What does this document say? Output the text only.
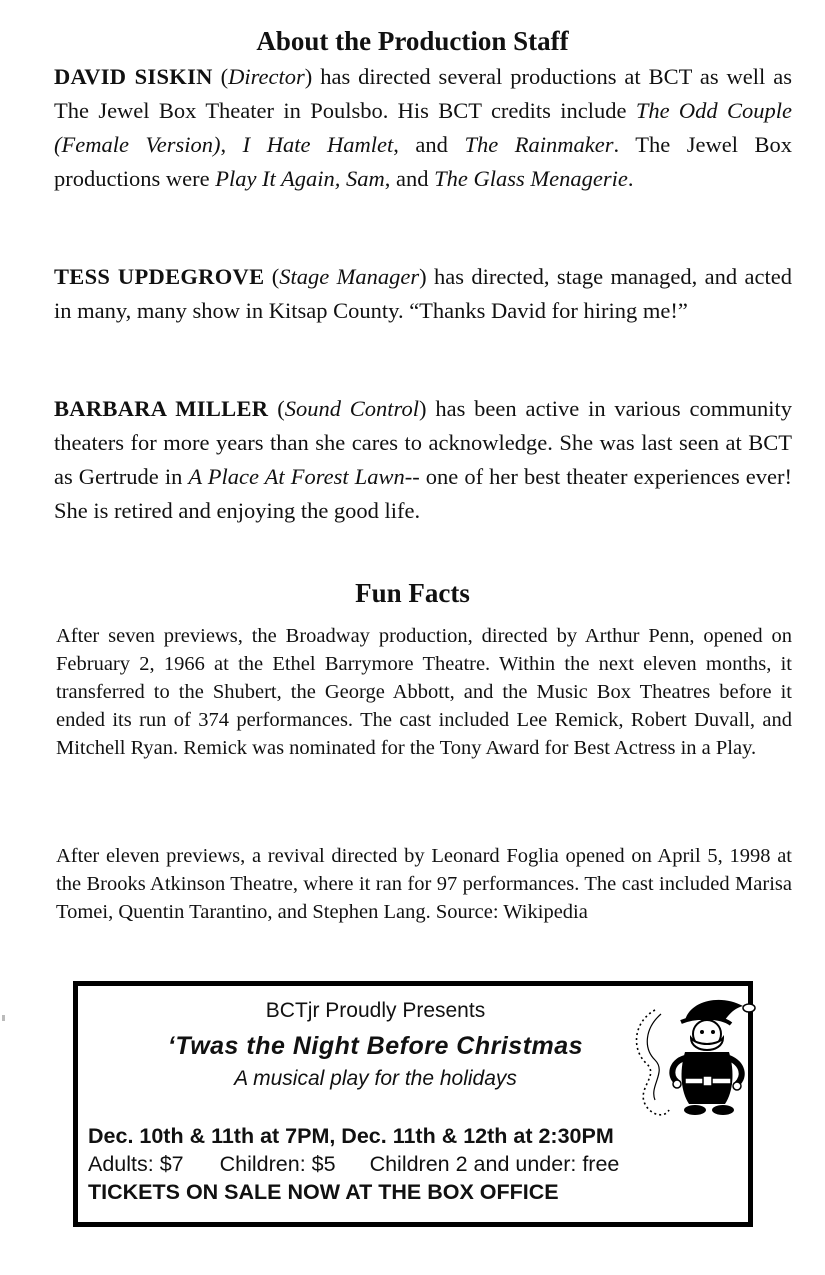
About the Production Staff
DAVID SISKIN (Director) has directed several productions at BCT as well as The Jewel Box Theater in Poulsbo. His BCT credits include The Odd Couple (Female Version), I Hate Hamlet, and The Rainmaker. The Jewel Box productions were Play It Again, Sam, and The Glass Menagerie.
TESS UPDEGROVE (Stage Manager) has directed, stage managed, and acted in many, many show in Kitsap County. “Thanks David for hiring me!”
BARBARA MILLER (Sound Control) has been active in various community theaters for more years than she cares to acknowledge. She was last seen at BCT as Gertrude in A Place At Forest Lawn-- one of her best theater experiences ever! She is retired and enjoying the good life.
Fun Facts
After seven previews, the Broadway production, directed by Arthur Penn, opened on February 2, 1966 at the Ethel Barrymore Theatre. Within the next eleven months, it transferred to the Shubert, the George Abbott, and the Music Box Theatres before it ended its run of 374 performances. The cast included Lee Remick, Robert Duvall, and Mitchell Ryan. Remick was nominated for the Tony Award for Best Actress in a Play.
After eleven previews, a revival directed by Leonard Foglia opened on April 5, 1998 at the Brooks Atkinson Theatre, where it ran for 97 performances. The cast included Marisa Tomei, Quentin Tarantino, and Stephen Lang. Source: Wikipedia
BCTjr Proudly Presents
‘Twas the Night Before Christmas
A musical play for the holidays
Dec. 10th & 11th at 7PM, Dec. 11th & 12th at 2:30PM
Adults: $7 Children: $5 Children 2 and under: free
TICKETS ON SALE NOW AT THE BOX OFFICE
